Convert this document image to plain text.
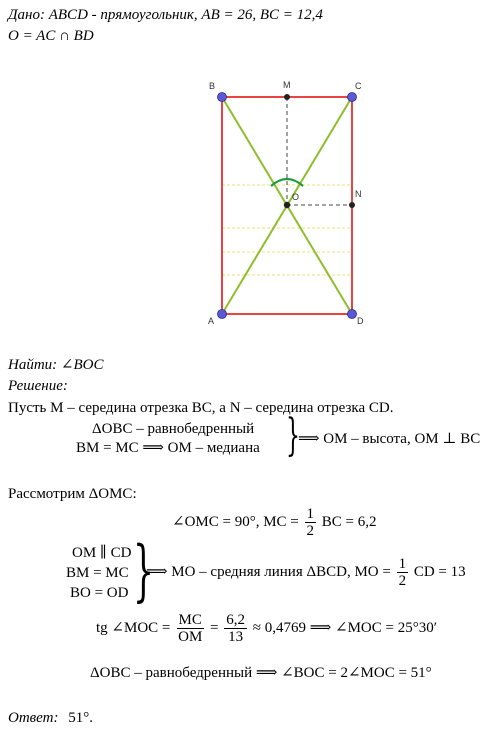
Дано: ABCD - прямоугольник, AB = 26, BC = 12,4
O = AC ∩ BD
B	M	C
N
O
A	D
Найти: ∠BOC
Решение:
Пусть M – середина отрезка BC, а N – середина отрезка CD.
ΔOBC – равнобедренный
BM = MC ⟹ OM – медиана }
⟹ OM – высота, OM ⊥ BC
Рассмотрим ΔOMC:
∠OMC = 90°, MC = $\frac{1}{2}$ BC = 6,2
OM ∥ CD
BM = MC
BO = OD }
⟹ MO – средняя линия ΔBCD, MO = $\frac{1}{2}$ CD = 13
tg ∠MOC = $\frac{MC}{OM} = \frac{6,2}{13} \approx 0,4769$ ⟹ ∠MOC = 25°30′
ΔOBC – равнобедренный ⟹ ∠BOC = 2∠MOC = 51°
Ответ: 51°.
